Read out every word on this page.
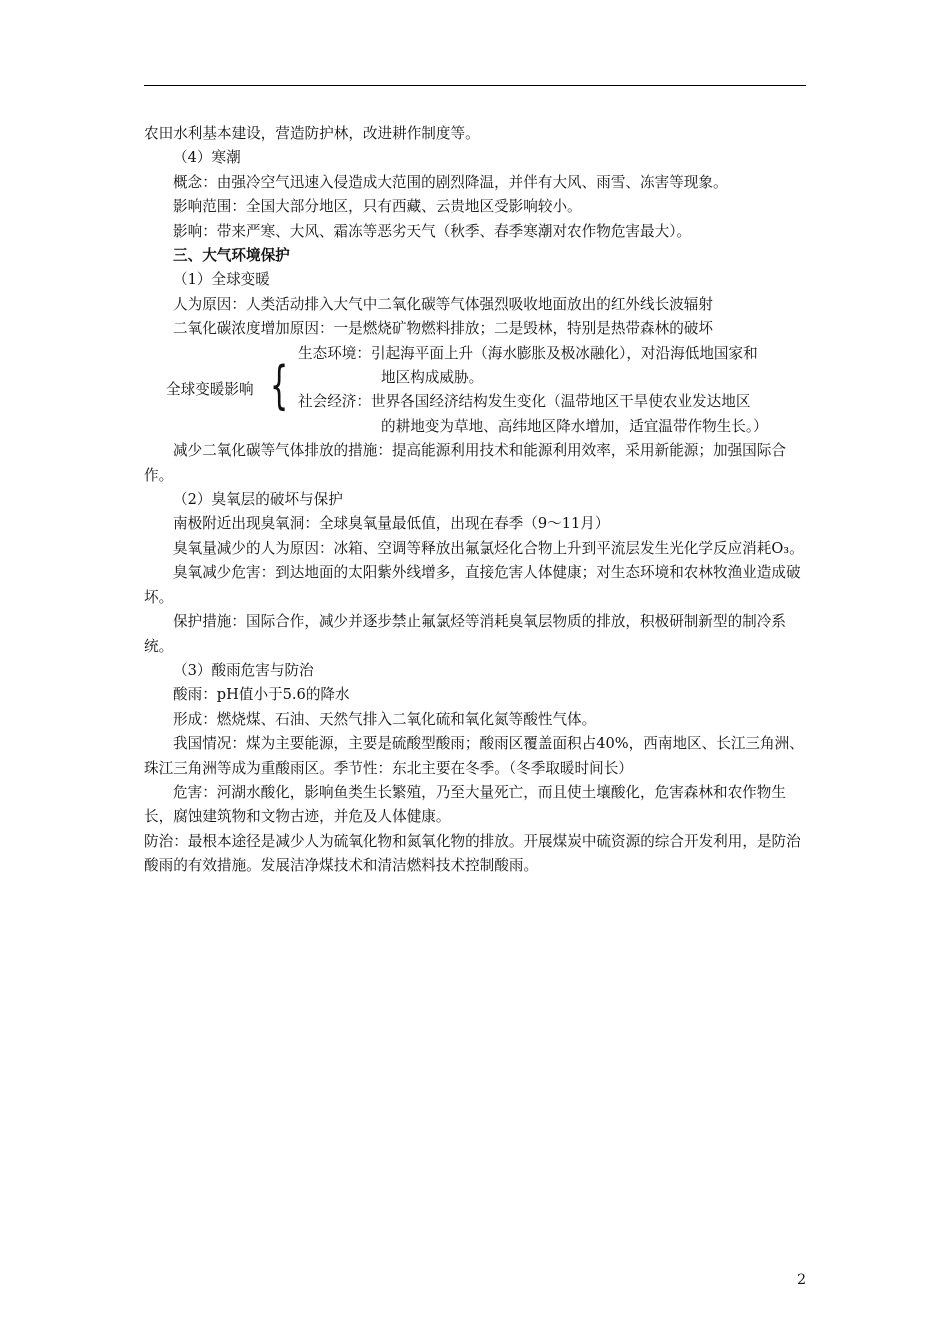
农田水利基本建设，营造防护林，改进耕作制度等。

（4）寒潮

概念：由强冷空气迅速入侵造成大范围的剧烈降温，并伴有大风、雨雪、冻害等现象。

影响范围：全国大部分地区，只有西藏、云贵地区受影响较小。

影响：带来严寒、大风、霜冻等恶劣天气（秋季、春季寒潮对农作物危害最大）。

三、大气环境保护

（1）全球变暖

人为原因：人类活动排入大气中二氧化碳等气体强烈吸收地面放出的红外线长波辐射

二氧化碳浓度增加原因：一是燃烧矿物燃料排放；二是毁林，特别是热带森林的破坏

全球变暖影响 {
生态环境：引起海平面上升（海水膨胀及极冰融化），对沿海低地国家和
地区构成威胁。
社会经济：世界各国经济结构发生变化（温带地区干旱使农业发达地区
的耕地变为草地、高纬地区降水增加，适宜温带作物生长。）

减少二氧化碳等气体排放的措施：提高能源利用技术和能源利用效率，采用新能源；加强国际合作。

（2）臭氧层的破坏与保护

南极附近出现臭氧洞：全球臭氧量最低值，出现在春季（9～11月）

臭氧量减少的人为原因：冰箱、空调等释放出氟氯烃化合物上升到平流层发生光化学反应消耗O₃。

臭氧减少危害：到达地面的太阳紫外线增多，直接危害人体健康；对生态环境和农林牧渔业造成破坏。

保护措施：国际合作，减少并逐步禁止氟氯烃等消耗臭氧层物质的排放，积极研制新型的制冷系统。

（3）酸雨危害与防治

酸雨：pH值小于5.6的降水

形成：燃烧煤、石油、天然气排入二氧化硫和氧化氮等酸性气体。

我国情况：煤为主要能源，主要是硫酸型酸雨；酸雨区覆盖面积占40%，西南地区、长江三角洲、珠江三角洲等成为重酸雨区。季节性：东北主要在冬季。（冬季取暖时间长）

危害：河湖水酸化，影响鱼类生长繁殖，乃至大量死亡，而且使土壤酸化，危害森林和农作物生长，腐蚀建筑物和文物古迹，并危及人体健康。

防治：最根本途径是减少人为硫氧化物和氮氧化物的排放。开展煤炭中硫资源的综合开发利用，是防治酸雨的有效措施。发展洁净煤技术和清洁燃料技术控制酸雨。

2
